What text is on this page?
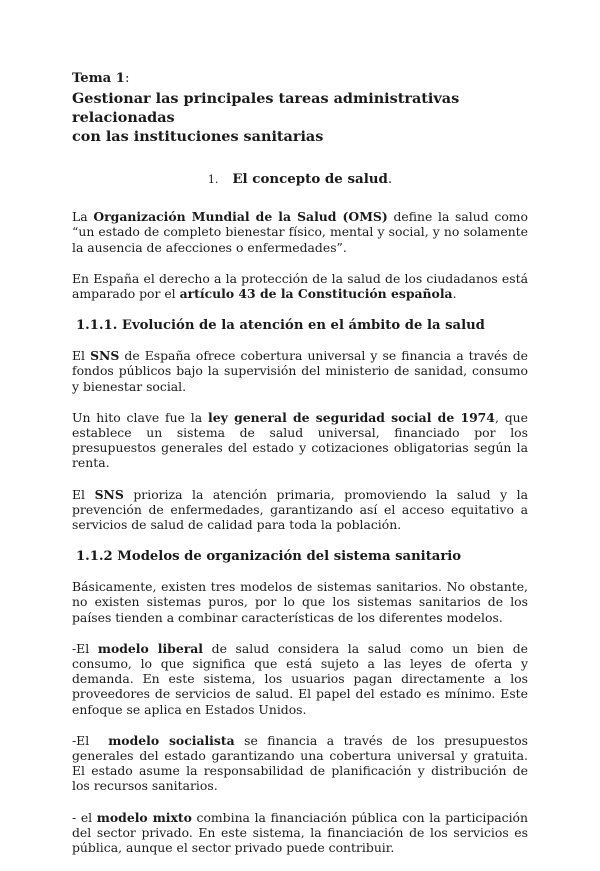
Tema 1:

Gestionar las principales tareas administrativas relacionadas
con las instituciones sanitarias

1. El concepto de salud.

La Organización Mundial de la Salud (OMS) define la salud como “un estado de completo bienestar físico, mental y social, y no solamente la ausencia de afecciones o enfermedades”.

En España el derecho a la protección de la salud de los ciudadanos está amparado por el artículo 43 de la Constitución española.

1.1.1. Evolución de la atención en el ámbito de la salud

El SNS de España ofrece cobertura universal y se financia a través de fondos públicos bajo la supervisión del ministerio de sanidad, consumo y bienestar social.

Un hito clave fue la ley general de seguridad social de 1974, que establece un sistema de salud universal, financiado por los presupuestos generales del estado y cotizaciones obligatorias según la renta.

El SNS prioriza la atención primaria, promoviendo la salud y la prevención de enfermedades, garantizando así el acceso equitativo a servicios de salud de calidad para toda la población.

1.1.2 Modelos de organización del sistema sanitario

Básicamente, existen tres modelos de sistemas sanitarios. No obstante, no existen sistemas puros, por lo que los sistemas sanitarios de los países tienden a combinar características de los diferentes modelos.

-El modelo liberal de salud considera la salud como un bien de consumo, lo que significa que está sujeto a las leyes de oferta y demanda. En este sistema, los usuarios pagan directamente a los proveedores de servicios de salud. El papel del estado es mínimo. Este enfoque se aplica en Estados Unidos.

-El  modelo socialista se financia a través de los presupuestos generales del estado garantizando una cobertura universal y gratuita. El estado asume la responsabilidad de planificación y distribución de los recursos sanitarios.

- el modelo mixto combina la financiación pública con la participación del sector privado. En este sistema, la financiación de los servicios es pública, aunque el sector privado puede contribuir.
